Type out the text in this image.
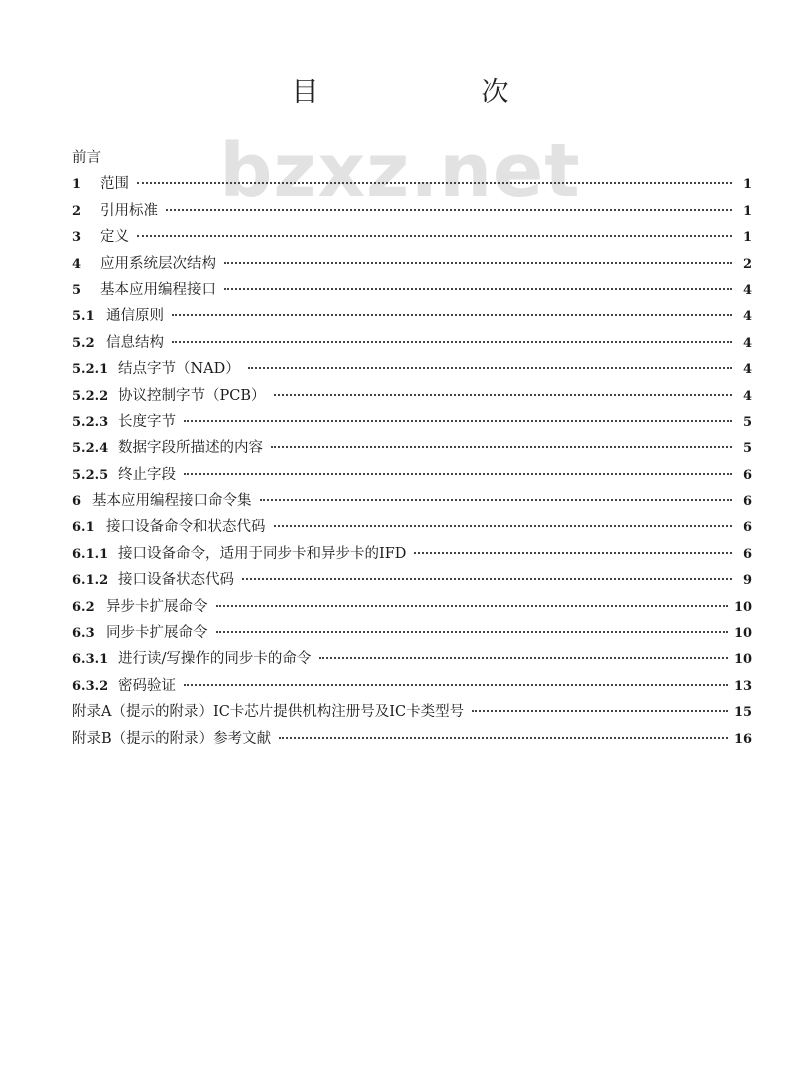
目　次
bzxz.net
前言
1	范围	1
2	引用标准	1
3	定义	1
4	应用系统层次结构	2
5	基本应用编程接口	4
5.1 通信原则	4
5.2 信息结构	4
5.2.1 结点字节（NAD）	4
5.2.2 协议控制字节（PCB）	4
5.2.3 长度字节	5
5.2.4 数据字段所描述的内容	5
5.2.5 终止字段	6
6 基本应用编程接口命令集	6
6.1 接口设备命令和状态代码	6
6.1.1 接口设备命令，适用于同步卡和异步卡的IFD	6
6.1.2 接口设备状态代码	9
6.2 异步卡扩展命令	10
6.3 同步卡扩展命令	10
6.3.1 进行读/写操作的同步卡的命令	10
6.3.2 密码验证	13
附录A（提示的附录）IC卡芯片提供机构注册号及IC卡类型号	15
附录B（提示的附录）参考文献	16
